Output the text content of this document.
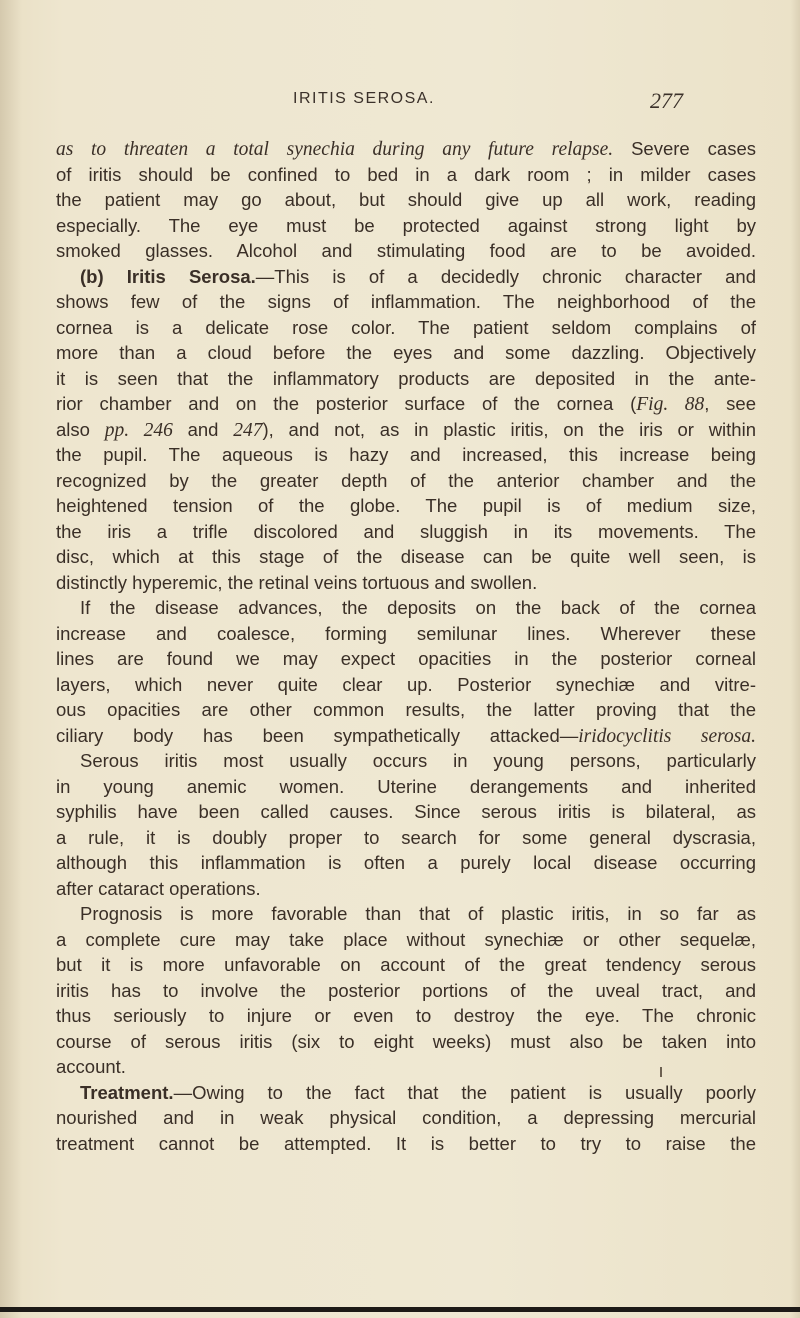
IRITIS SEROSA.	277
as to threaten a total synechia during any future relapse. Severe cases
of iritis should be confined to bed in a dark room ; in milder cases
the patient may go about, but should give up all work, reading
especially. The eye must be protected against strong light by
smoked glasses. Alcohol and stimulating food are to be avoided.
(b) Iritis Serosa.—This is of a decidedly chronic character and
shows few of the signs of inflammation. The neighborhood of the
cornea is a delicate rose color. The patient seldom complains of
more than a cloud before the eyes and some dazzling. Objectively
it is seen that the inflammatory products are deposited in the ante-
rior chamber and on the posterior surface of the cornea (Fig. 88, see
also pp. 246 and 247), and not, as in plastic iritis, on the iris or within
the pupil. The aqueous is hazy and increased, this increase being
recognized by the greater depth of the anterior chamber and the
heightened tension of the globe. The pupil is of medium size,
the iris a trifle discolored and sluggish in its movements. The
disc, which at this stage of the disease can be quite well seen, is
distinctly hyperemic, the retinal veins tortuous and swollen.
If the disease advances, the deposits on the back of the cornea
increase and coalesce, forming semilunar lines. Wherever these
lines are found we may expect opacities in the posterior corneal
layers, which never quite clear up. Posterior synechiæ and vitre-
ous opacities are other common results, the latter proving that the
ciliary body has been sympathetically attacked—iridocyclitis serosa.
Serous iritis most usually occurs in young persons, particularly
in young anemic women. Uterine derangements and inherited
syphilis have been called causes. Since serous iritis is bilateral, as
a rule, it is doubly proper to search for some general dyscrasia,
although this inflammation is often a purely local disease occurring
after cataract operations.
Prognosis is more favorable than that of plastic iritis, in so far as
a complete cure may take place without synechiæ or other sequelæ,
but it is more unfavorable on account of the great tendency serous
iritis has to involve the posterior portions of the uveal tract, and
thus seriously to injure or even to destroy the eye. The chronic
course of serous iritis (six to eight weeks) must also be taken into
account.
Treatment.—Owing to the fact that the patient is usually poorly
nourished and in weak physical condition, a depressing mercurial
treatment cannot be attempted. It is better to try to raise the
